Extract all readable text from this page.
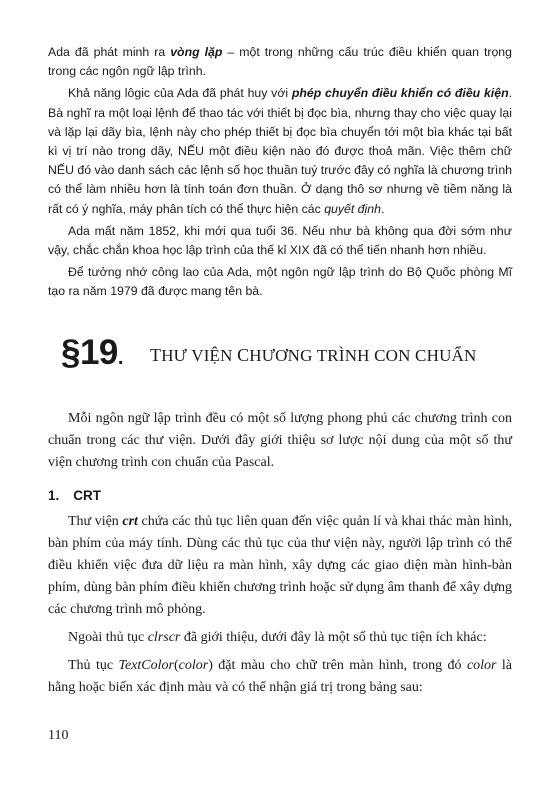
Ada đã phát minh ra vòng lặp – một trong những cấu trúc điều khiển quan trọng trong các ngôn ngữ lập trình.

Khả năng lôgic của Ada đã phát huy với phép chuyển điều khiển có điều kiện. Bà nghĩ ra một loại lệnh để thao tác với thiết bị đọc bìa, nhưng thay cho việc quay lại và lặp lại dãy bìa, lệnh này cho phép thiết bị đọc bìa chuyển tới một bìa khác tại bất kì vị trí nào trong dãy, NẾU một điều kiện nào đó được thoả mãn. Việc thêm chữ NẾU đó vào danh sách các lệnh số học thuần tuý trước đây có nghĩa là chương trình có thể làm nhiều hơn là tính toán đơn thuần. Ở dạng thô sơ nhưng về tiềm năng là rất có ý nghĩa, máy phân tích có thể thực hiện các quyết định.

Ada mất năm 1852, khi mới qua tuổi 36. Nếu như bà không qua đời sớm như vậy, chắc chắn khoa học lập trình của thế kỉ XIX đã có thể tiến nhanh hơn nhiều.

Để tưởng nhớ công lao của Ada, một ngôn ngữ lập trình do Bộ Quốc phòng Mĩ tạo ra năm 1979 đã được mang tên bà.

§19. THƯ VIỆN CHƯƠNG TRÌNH CON CHUẨN

Mỗi ngôn ngữ lập trình đều có một số lượng phong phú các chương trình con chuẩn trong các thư viện. Dưới đây giới thiệu sơ lược nội dung của một số thư viện chương trình con chuẩn của Pascal.

1. CRT

Thư viện crt chứa các thủ tục liên quan đến việc quản lí và khai thác màn hình, bàn phím của máy tính. Dùng các thủ tục của thư viện này, người lập trình có thể điều khiển việc đưa dữ liệu ra màn hình, xây dựng các giao diện màn hình-bàn phím, dùng bàn phím điều khiển chương trình hoặc sử dụng âm thanh để xây dựng các chương trình mô phỏng.

Ngoài thủ tục clrscr đã giới thiệu, dưới đây là một số thủ tục tiện ích khác:

Thủ tục TextColor(color) đặt màu cho chữ trên màn hình, trong đó color là hằng hoặc biến xác định màu và có thể nhận giá trị trong bảng sau:

110
